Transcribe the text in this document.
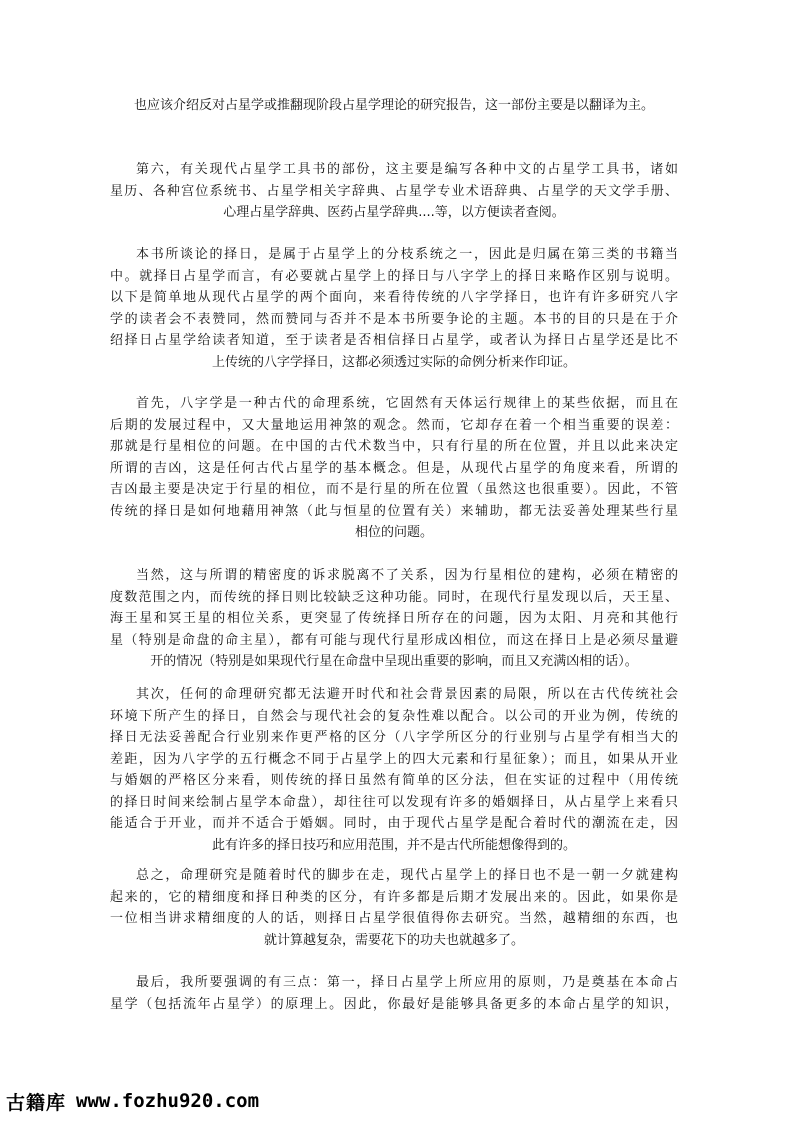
也应该介绍反对占星学或推翻现阶段占星学理论的研究报告，这一部份主要是以翻译为主。

第六，有关现代占星学工具书的部份，这主要是编写各种中文的占星学工具书，诸如
星历、各种宫位系统书、占星学相关字辞典、占星学专业术语辞典、占星学的天文学手册、
心理占星学辞典、医药占星学辞典....等，以方便读者查阅。

本书所谈论的择日，是属于占星学上的分枝系统之一，因此是归属在第三类的书籍当
中。就择日占星学而言，有必要就占星学上的择日与八字学上的择日来略作区别与说明。
以下是简单地从现代占星学的两个面向，来看待传统的八字学择日，也许有许多研究八字
学的读者会不表赞同，然而赞同与否并不是本书所要争论的主题。本书的目的只是在于介
绍择日占星学给读者知道，至于读者是否相信择日占星学，或者认为择日占星学还是比不
上传统的八字学择日，这都必须透过实际的命例分析来作印证。

首先，八字学是一种古代的命理系统，它固然有天体运行规律上的某些依据，而且在
后期的发展过程中，又大量地运用神煞的观念。然而，它却存在着一个相当重要的误差：
那就是行星相位的问题。在中国的古代术数当中，只有行星的所在位置，并且以此来决定
所谓的吉凶，这是任何古代占星学的基本概念。但是，从现代占星学的角度来看，所谓的
吉凶最主要是决定于行星的相位，而不是行星的所在位置（虽然这也很重要）。因此，不管
传统的择日是如何地藉用神煞（此与恒星的位置有关）来辅助，都无法妥善处理某些行星
相位的问题。

当然，这与所谓的精密度的诉求脱离不了关系，因为行星相位的建构，必须在精密的
度数范围之内，而传统的择日则比较缺乏这种功能。同时，在现代行星发现以后，天王星、
海王星和冥王星的相位关系，更突显了传统择日所存在的问题，因为太阳、月亮和其他行
星（特别是命盘的命主星），都有可能与现代行星形成凶相位，而这在择日上是必须尽量避
开的情况（特别是如果现代行星在命盘中呈现出重要的影响，而且又充满凶相的话）。

其次，任何的命理研究都无法避开时代和社会背景因素的局限，所以在古代传统社会
环境下所产生的择日，自然会与现代社会的复杂性难以配合。以公司的开业为例，传统的
择日无法妥善配合行业别来作更严格的区分（八字学所区分的行业别与占星学有相当大的
差距，因为八字学的五行概念不同于占星学上的四大元素和行星征象）；而且，如果从开业
与婚姻的严格区分来看，则传统的择日虽然有简单的区分法，但在实证的过程中（用传统
的择日时间来绘制占星学本命盘），却往往可以发现有许多的婚姻择日，从占星学上来看只
能适合于开业，而并不适合于婚姻。同时，由于现代占星学是配合着时代的潮流在走，因
此有许多的择日技巧和应用范围，并不是古代所能想像得到的。

总之，命理研究是随着时代的脚步在走，现代占星学上的择日也不是一朝一夕就建构
起来的，它的精细度和择日种类的区分，有许多都是后期才发展出来的。因此，如果你是
一位相当讲求精细度的人的话，则择日占星学很值得你去研究。当然，越精细的东西，也
就计算越复杂，需要花下的功夫也就越多了。

最后，我所要强调的有三点：第一，择日占星学上所应用的原则，乃是奠基在本命占
星学（包括流年占星学）的原理上。因此，你最好是能够具备更多的本命占星学的知识，

古籍库 www.fozhu920.com
